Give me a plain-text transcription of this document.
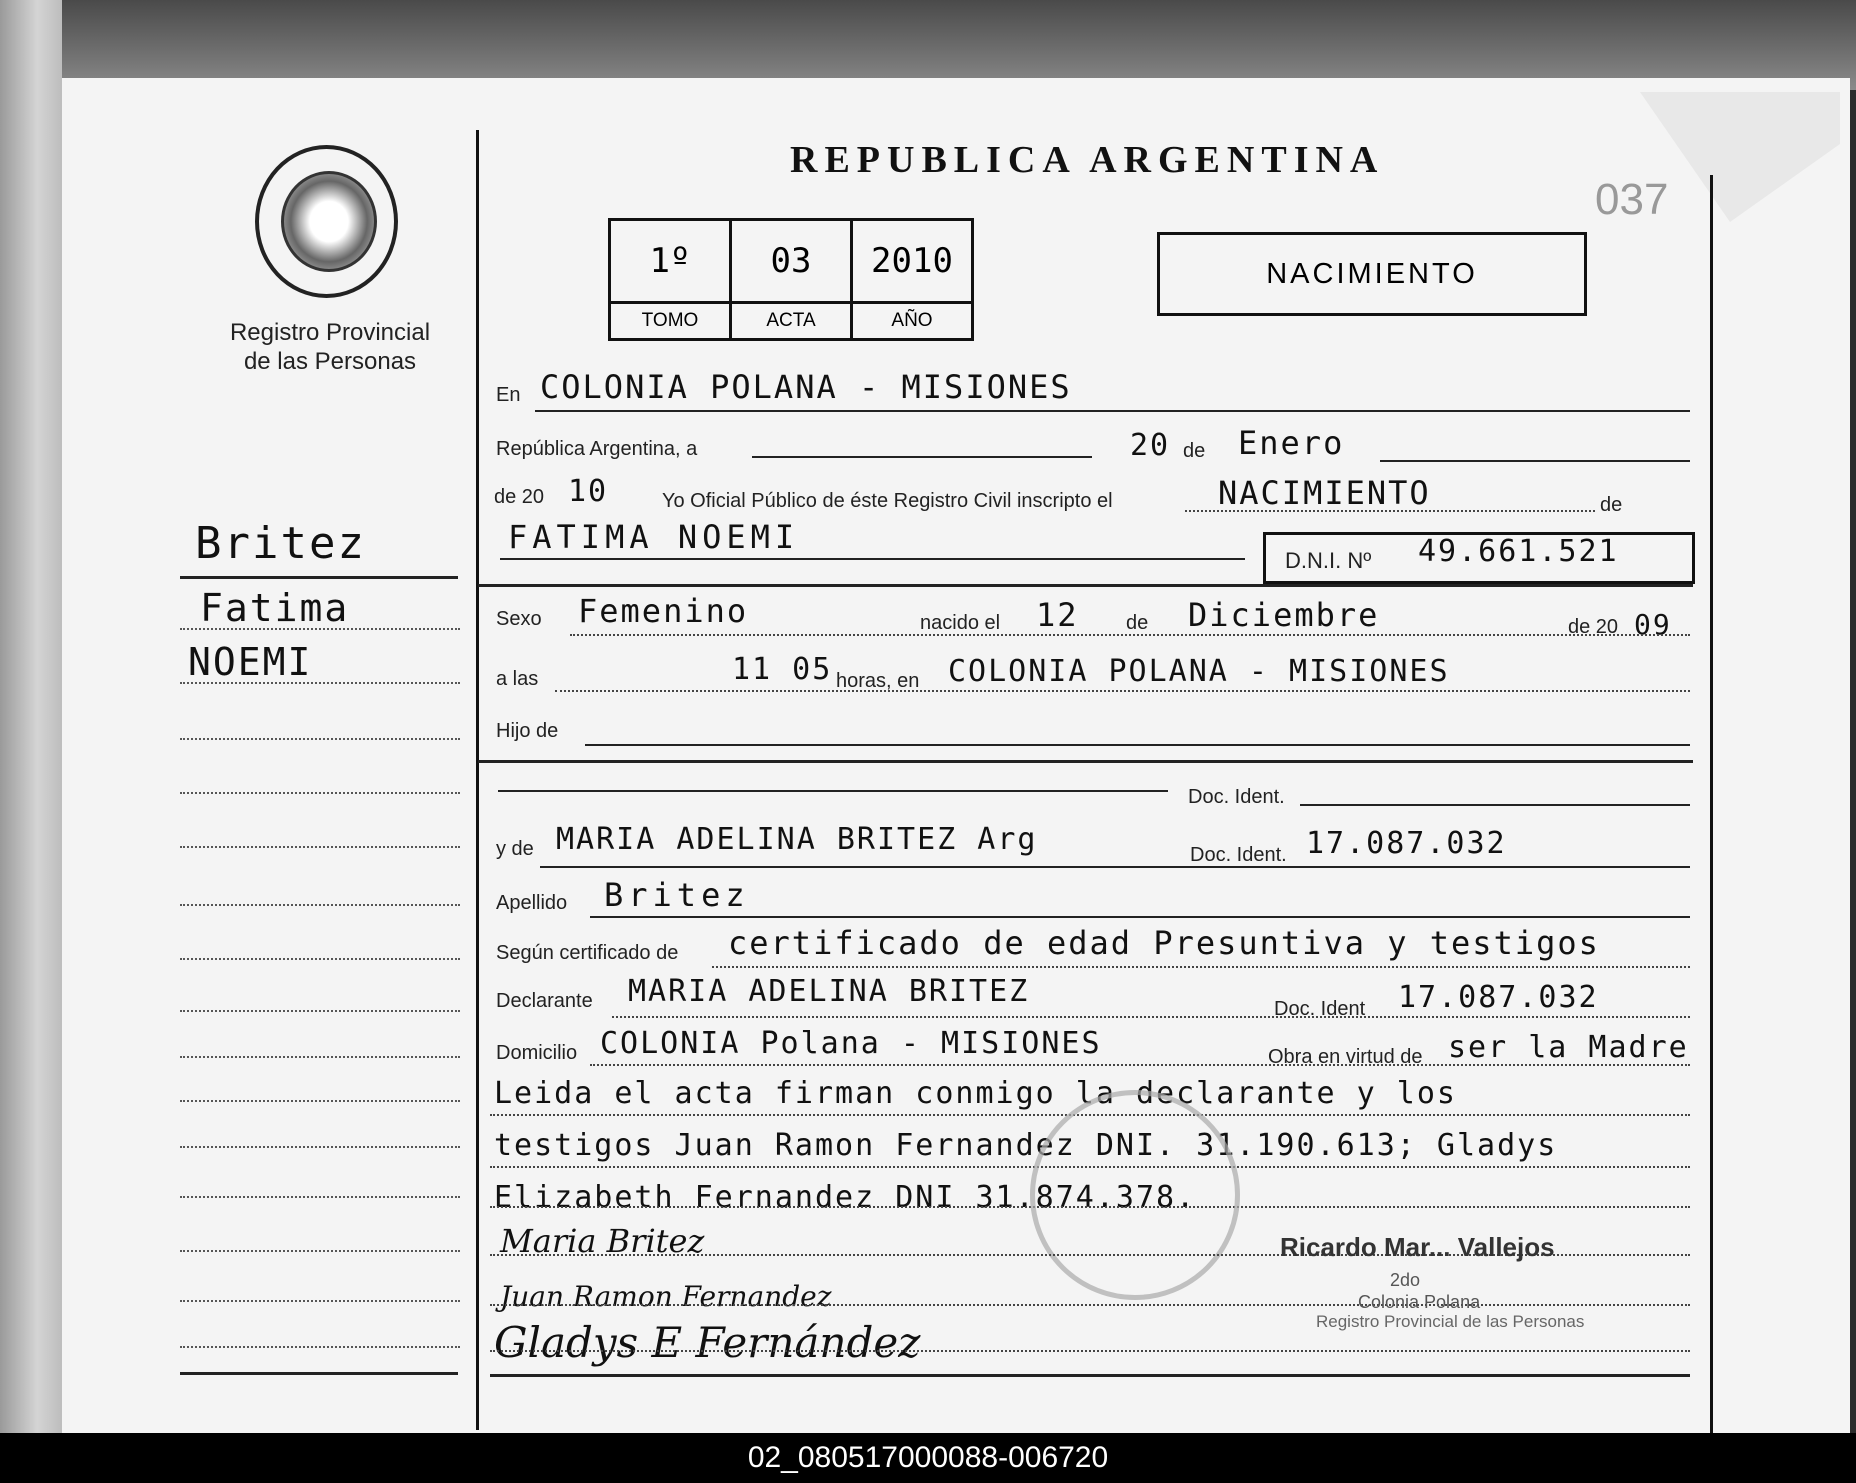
REPUBLICA ARGENTINA
037
Registro Provincial
de las Personas
1º	03	2010
TOMO	ACTA	AÑO
NACIMIENTO
Britez
Fatima
NOEMI
En COLONIA POLANA - MISIONES
República Argentina, a	20 de Enero
de 20 10	Yo Oficial Público de éste Registro Civil inscripto el	NACIMIENTO	de
FATIMA NOEMI
D.N.I. Nº 49.661.521
Sexo Femenino	nacido el 12 de Diciembre	de 20 09
a las	11 05 horas, en COLONIA POLANA - MISIONES
Hijo de
Doc. Ident.
y de MARIA ADELINA BRITEZ Arg	Doc. Ident. 17.087.032
Apellido Britez
Según certificado de certificado de edad Presuntiva y testigos
Declarante MARIA ADELINA BRITEZ	Doc. Ident 17.087.032
Domicilio COLONIA Polana - MISIONES	Obra en virtud de ser la Madre
Leida el acta firman conmigo la declarante y los
testigos Juan Ramon Fernandez DNI. 31.190.613; Gladys
Elizabeth Fernandez DNI 31.874.378.
Maria Britez
Juan Ramon Fernandez
Gladys E Fernández
Ricardo Mar... Vallejos
2do
Colonia Polana
Registro Provincial de las Personas
02_080517000088-006720
